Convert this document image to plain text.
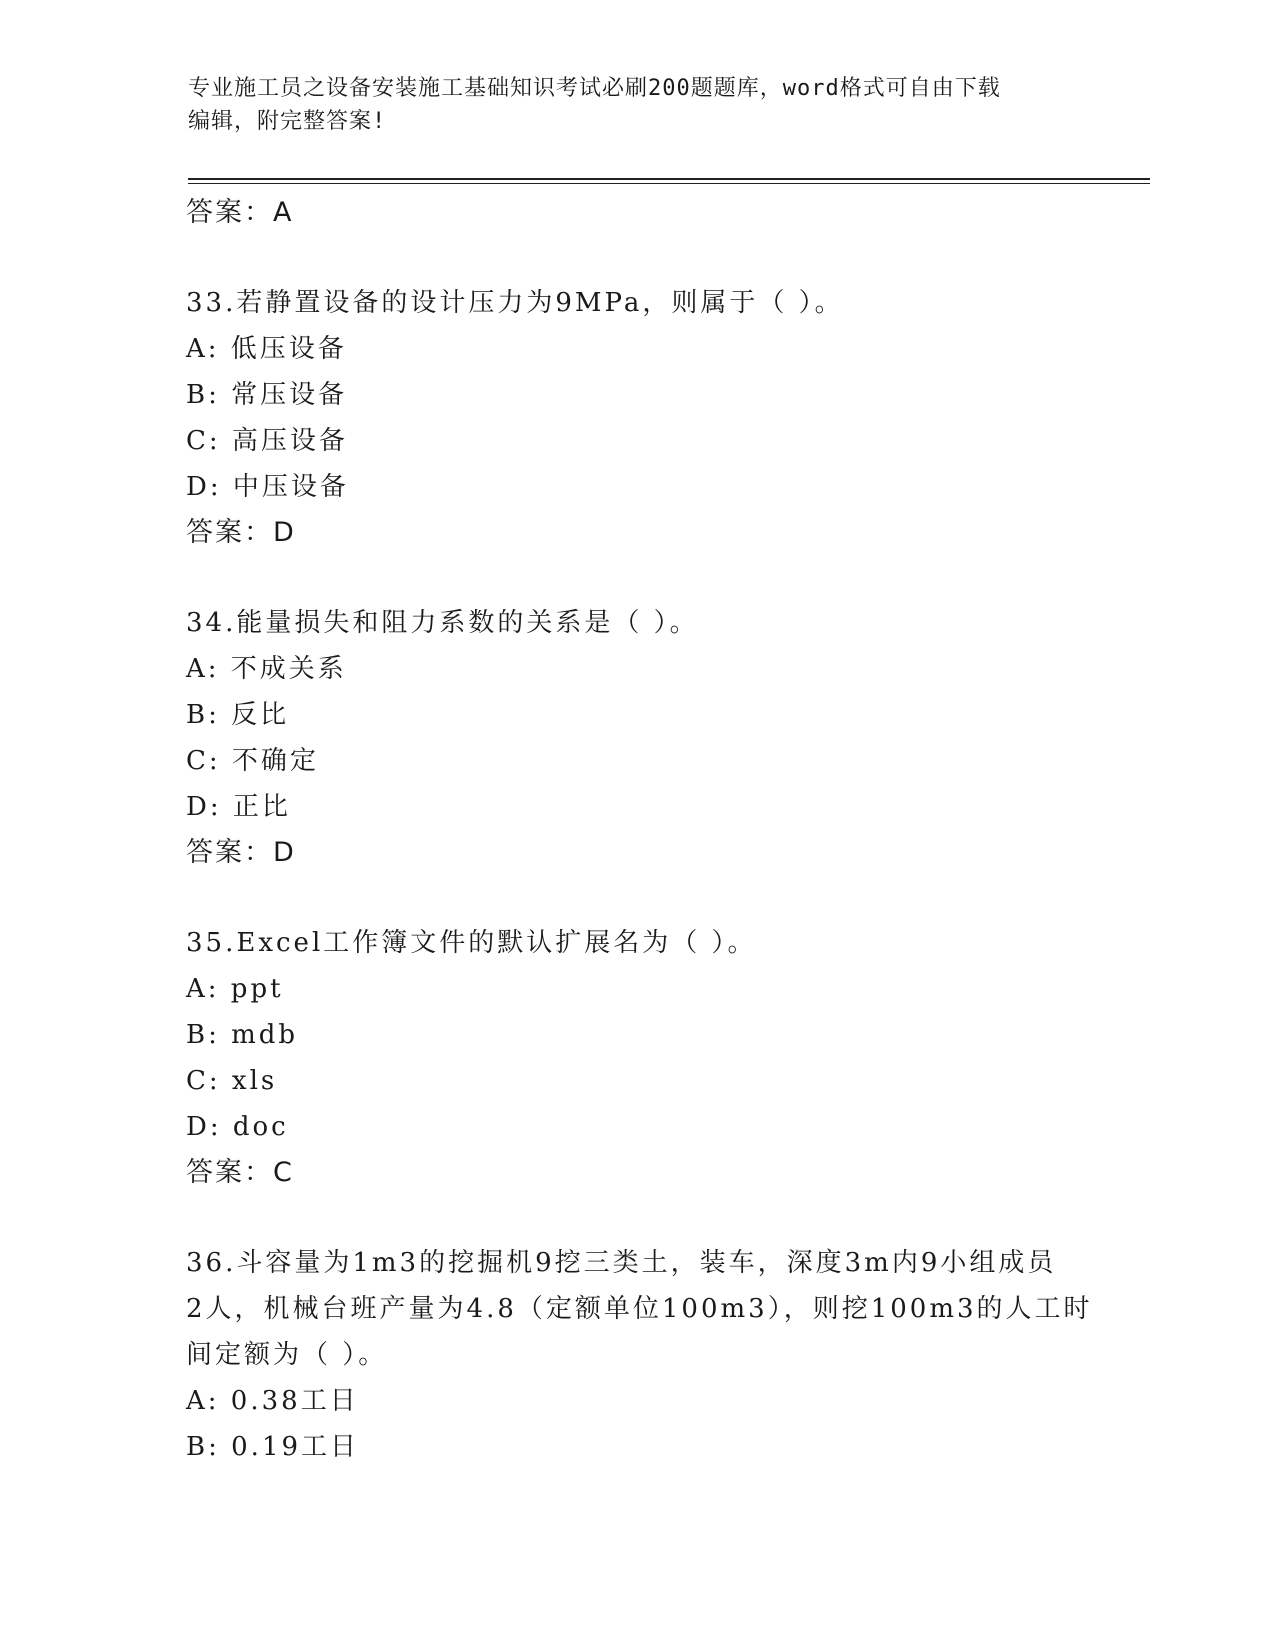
专业施工员之设备安装施工基础知识考试必刷200题题库，word格式可自由下载
编辑，附完整答案!
答案：A
33.若静置设备的设计压力为9MPa，则属于（ ）。
A: 低压设备
B: 常压设备
C: 高压设备
D: 中压设备
答案：D
34.能量损失和阻力系数的关系是（ ）。
A: 不成关系
B: 反比
C: 不确定
D: 正比
答案：D
35.Excel工作簿文件的默认扩展名为（ ）。
A: ppt
B: mdb
C: xls
D: doc
答案：C
36.斗容量为1m3的挖掘机9挖三类土，装车，深度3m内9小组成员
2人，机械台班产量为4.8（定额单位100m3），则挖100m3的人工时
间定额为（ ）。
A: 0.38工日
B: 0.19工日
